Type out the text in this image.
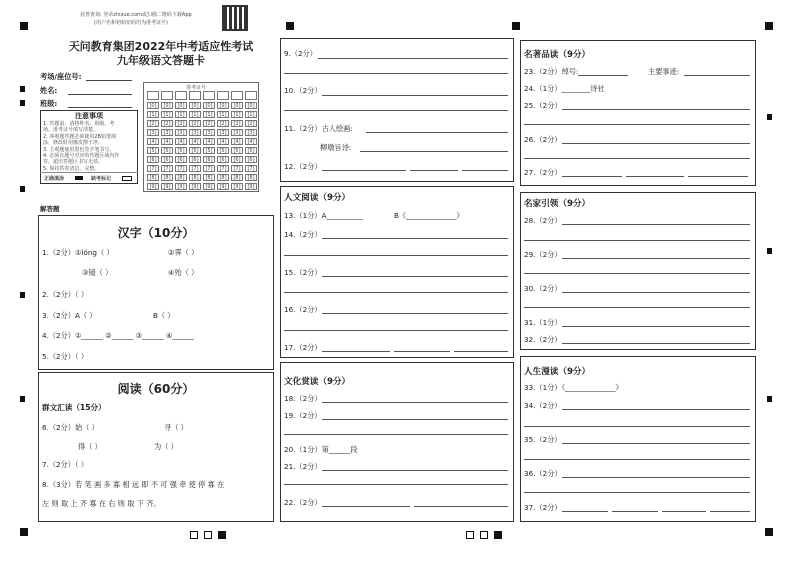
获普查询: 登录zhixue.com或扫描二维码下载App
(用户名和初始密码均为准考证号)
天问教育集团2022年中考适应性考试
九年级语文答题卡
考场/座位号:
姓名:
班级:
注意事项
1. 答题前，请将姓名、班级、考
场、准考证号填写清楚。
2. 客观题答题必须使用2B铅笔填
涂，修改时用橡皮擦干净。
3. 主观题使用黑色签字笔书写。
4. 必须在题号对应的答题区域内作
答，超出答题区书写无效。
5. 保持答卷清洁、完整。
正确填涂	缺考标记
准考证号
[0]
[1]
[2]
[3]
[4]
[5]
[6]
[7]
[8]
[9]
[0]
[1]
[2]
[3]
[4]
[5]
[6]
[7]
[8]
[9]
[0]
[1]
[2]
[3]
[4]
[5]
[6]
[7]
[8]
[9]
[0]
[1]
[2]
[3]
[4]
[5]
[6]
[7]
[8]
[9]
[0]
[1]
[2]
[3]
[4]
[5]
[6]
[7]
[8]
[9]
[0]
[1]
[2]
[3]
[4]
[5]
[6]
[7]
[8]
[9]
[0]
[1]
[2]
[3]
[4]
[5]
[6]
[7]
[8]
[9]
[0]
[1]
[2]
[3]
[4]
[5]
[6]
[7]
[8]
[9]
解答题
汉字（10分）
1.（2分）①lóng（ ）	②霁（ ）
③镜（ ）	④殆（ ）
2.（2分）（ ）
3.（2分）A（ ）	B（ ）
4.（2分）①______ ②______ ③______ ④______
5.（2分）（ ）
阅读（60分）
群文汇读（15分）
6.（2分）始（ ）	寻（ ）
得（ ）	为（ ）
7.（2分）（ ）
8.（3分）若 笔 画 多 寡 相 远 即 不 可 强 牵 使 停 寡 在
左 则 取 上 齐 寡 在 右 则 取 下 齐。
9.（2分）
10.（2分）
11.（2分）古人绘画:
柳墩旨诗:
12.（2分）
人文阅读（9分）
13.（1分）A__________	B《______________》
14.（2分）
15.（2分）
16.（2分）
17.（2分）
文化赏读（9分）
18.（2分）
19.（2分）
20.（1分）第______段
21.（2分）
22.（2分）
名著品读（9分）
23.（2分）绰号:	主要事迹:
24.（1分）________诗社
25.（2分）
26.（2分）
27.（2分）
名家引领（9分）
28.（2分）
29.（2分）
30.（2分）
31.（1分）
32.（2分）
人生漫读（9分）
33.（1分）《______________》
34.（2分）
35.（2分）
36.（2分）
37.（2分）
